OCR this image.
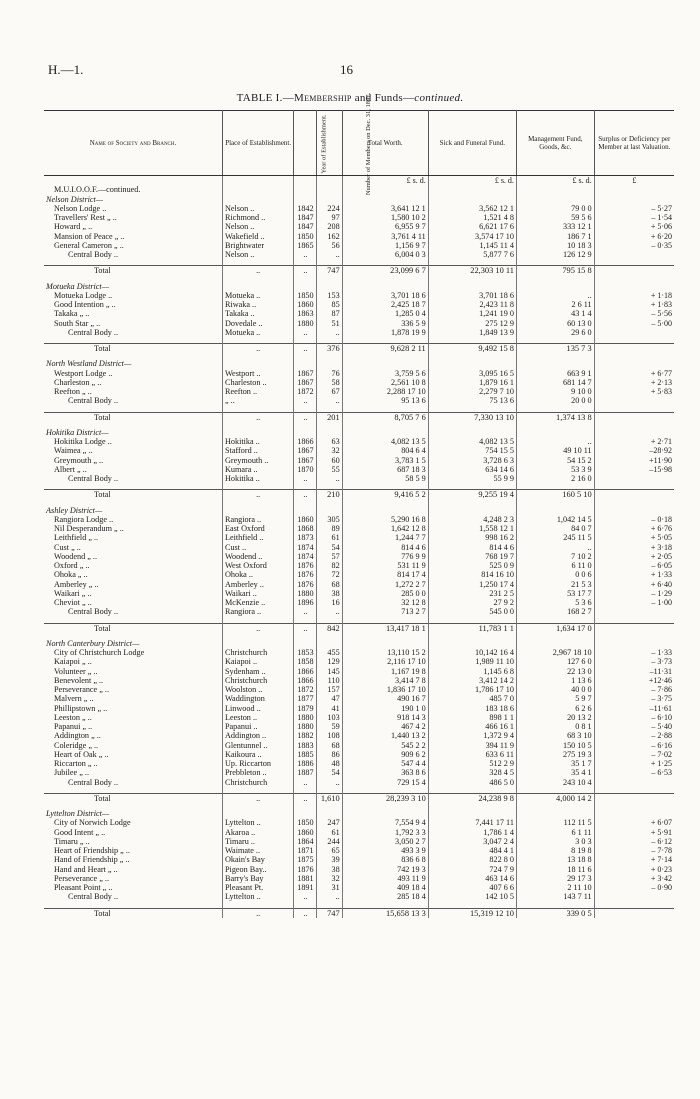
H.—1.	16
TABLE I.—Membership and Funds—continued.
Name of Society and Branch.	Place of Establishment.	Year of Establishment.	Number of Members on Dec. 31, 1897.	Total Worth.	Sick and Funeral Fund.	Management Fund, Goods, &c.	Surplus or Deficiency per Member at last Valuation.
				£ s. d.	£ s. d.	£ s. d.	£
M.U.I.O.O.F.—continued.							
Nelson District—							
Nelson Lodge ..	Nelson ..	1842	224	3,641 12 1	3,562 12 1	79 0 0	– 5·27
Travellers' Rest „ ..	Richmond ..	1847	97	1,580 10 2	1,521 4 8	59 5 6	– 1·54
Howard „ ..	Nelson ..	1847	208	6,955 9 7	6,621 17 6	333 12 1	+ 5·06
Mansion of Peace „ ..	Wakefield ..	1850	162	3,761 4 11	3,574 17 10	186 7 1	+ 6·20
General Cameron „ ..	Brightwater	1865	56	1,156 9 7	1,145 11 4	10 18 3	– 0·35
Central Body ..	Nelson ..	..	..	6,004 0 3	5,877 7 6	126 12 9	

Total	..	..	747	23,099 6 7	22,303 10 11	795 15 8	

Motueka District—							
Motueka Lodge ..	Motueka ..	1850	153	3,701 18 6	3,701 18 6	..	+ 1·18
Good Intention „ ..	Riwaka ..	1860	85	2,425 18 7	2,423 11 8	2 6 11	+ 1·83
Takaka „ ..	Takaka ..	1863	87	1,285 0 4	1,241 19 0	43 1 4	– 5·56
South Star „ ..	Dovedale ..	1880	51	336 5 9	275 12 9	60 13 0	– 5·00
Central Body ..	Motueka ..	..	..	1,878 19 9	1,849 13 9	29 6 0	

Total	..	..	376	9,628 2 11	9,492 15 8	135 7 3	

North Westland District—							
Westport Lodge ..	Westport ..	1867	76	3,759 5 6	3,095 16 5	663 9 1	+ 6·77
Charleston „ ..	Charleston ..	1867	58	2,561 10 8	1,879 16 1	681 14 7	+ 2·13
Reefton „ ..	Reefton ..	1872	67	2,288 17 10	2,279 7 10	9 10 0	+ 5·83
Central Body ..	„ ..	..	..	95 13 6	75 13 6	20 0 0	

Total	..	..	201	8,705 7 6	7,330 13 10	1,374 13 8	

Hokitika District—							
Hokitika Lodge ..	Hokitika ..	1866	63	4,082 13 5	4,082 13 5	..	+ 2·71
Waimea „ ..	Stafford ..	1867	32	804 6 4	754 15 5	49 10 11	–28·92
Greymouth „ ..	Greymouth ..	1867	60	3,783 1 5	3,728 6 3	54 15 2	+11·90
Albert „ ..	Kumara ..	1870	55	687 18 3	634 14 6	53 3 9	–15·98
Central Body ..	Hokitika ..	..	..	58 5 9	55 9 9	2 16 0	

Total	..	..	210	9,416 5 2	9,255 19 4	160 5 10	

Ashley District—							
Rangiora Lodge ..	Rangiora ..	1860	305	5,290 16 8	4,248 2 3	1,042 14 5	– 0·18
Nil Desperandum „ ..	East Oxford	1868	89	1,642 12 8	1,558 12 1	84 0 7	+ 6·76
Leithfield „ ..	Leithfield ..	1873	61	1,244 7 7	998 16 2	245 11 5	+ 5·05
Cust „ ..	Cust ..	1874	54	814 4 6	814 4 6	..	+ 3·18
Woodend „ ..	Woodend ..	1874	57	776 9 9	768 19 7	7 10 2	+ 2·05
Oxford „ ..	West Oxford	1876	82	531 11 9	525 0 9	6 11 0	– 6·05
Ohoka „ ..	Ohoka ..	1876	72	814 17 4	814 16 10	0 0 6	+ 1·33
Amberley „ ..	Amberley ..	1876	68	1,272 2 7	1,250 17 4	21 5 3	+ 6·40
Waikari „ ..	Waikari ..	1880	38	285 0 0	231 2 5	53 17 7	– 1·29
Cheviot „ ..	McKenzie ..	1896	16	32 12 8	27 9 2	5 3 6	– 1·00
Central Body ..	Rangiora ..	..	..	713 2 7	545 0 0	168 2 7	

Total	..	..	842	13,417 18 1	11,783 1 1	1,634 17 0	

North Canterbury District—							
City of Christchurch Lodge	Christchurch	1853	455	13,110 15 2	10,142 16 4	2,967 18 10	– 1·33
Kaiapoi „ ..	Kaiapoi ..	1858	129	2,116 17 10	1,989 11 10	127 6 0	– 3·73
Volunteer „ ..	Sydenham ..	1866	145	1,167 19 8	1,145 6 8	22 13 0	–11·31
Benevolent „ ..	Christchurch	1866	110	3,414 7 8	3,412 14 2	1 13 6	+12·46
Perseverance „ ..	Woolston ..	1872	157	1,836 17 10	1,786 17 10	40 0 0	– 7·86
Malvern „ ..	Waddington	1877	47	490 16 7	485 7 0	5 9 7	– 3·75
Phillipstown „ ..	Linwood ..	1879	41	190 1 0	183 18 6	6 2 6	–11·61
Leeston „ ..	Leeston ..	1880	103	918 14 3	898 1 1	20 13 2	– 6·10
Papanui „ ..	Papanui ..	1880	59	467 4 2	466 16 1	0 8 1	– 5·40
Addington „ ..	Addington ..	1882	108	1,440 13 2	1,372 9 4	68 3 10	– 2·88
Coleridge „ ..	Glentunnel ..	1883	68	545 2 2	394 11 9	150 10 5	– 6·16
Heart of Oak „ ..	Kaikoura ..	1885	86	909 6 2	633 6 11	275 19 3	– 7·02
Riccarton „ ..	Up. Riccarton	1886	48	547 4 4	512 2 9	35 1 7	+ 1·25
Jubilee „ ..	Prebbleton ..	1887	54	363 8 6	328 4 5	35 4 1	– 6·53
Central Body ..	Christchurch	..	..	729 15 4	486 5 0	243 10 4	

Total	..	..	1,610	28,239 3 10	24,238 9 8	4,000 14 2	

Lyttelton District—							
City of Norwich Lodge	Lyttelton ..	1850	247	7,554 9 4	7,441 17 11	112 11 5	+ 6·07
Good Intent „ ..	Akaroa ..	1860	61	1,792 3 3	1,786 1 4	6 1 11	+ 5·91
Timaru „ ..	Timaru ..	1864	244	3,050 2 7	3,047 2 4	3 0 3	– 6·12
Heart of Friendship „ ..	Waimate ..	1871	65	493 3 9	484 4 1	8 19 8	– 7·78
Hand of Friendship „ ..	Okain's Bay	1875	39	836 6 8	822 8 0	13 18 8	+ 7·14
Hand and Heart „ ..	Pigeon Bay..	1876	38	742 19 3	724 7 9	18 11 6	+ 0·23
Perseverance „ ..	Barry's Bay	1881	32	493 11 9	463 14 6	29 17 3	+ 3·42
Pleasant Point „ ..	Pleasant Pt.	1891	31	409 18 4	407 6 6	2 11 10	– 0·90
Central Body ..	Lyttelton ..	..	..	285 18 4	142 10 5	143 7 11	

Total	..	..	747	15,658 13 3	15,319 12 10	339 0 5	
